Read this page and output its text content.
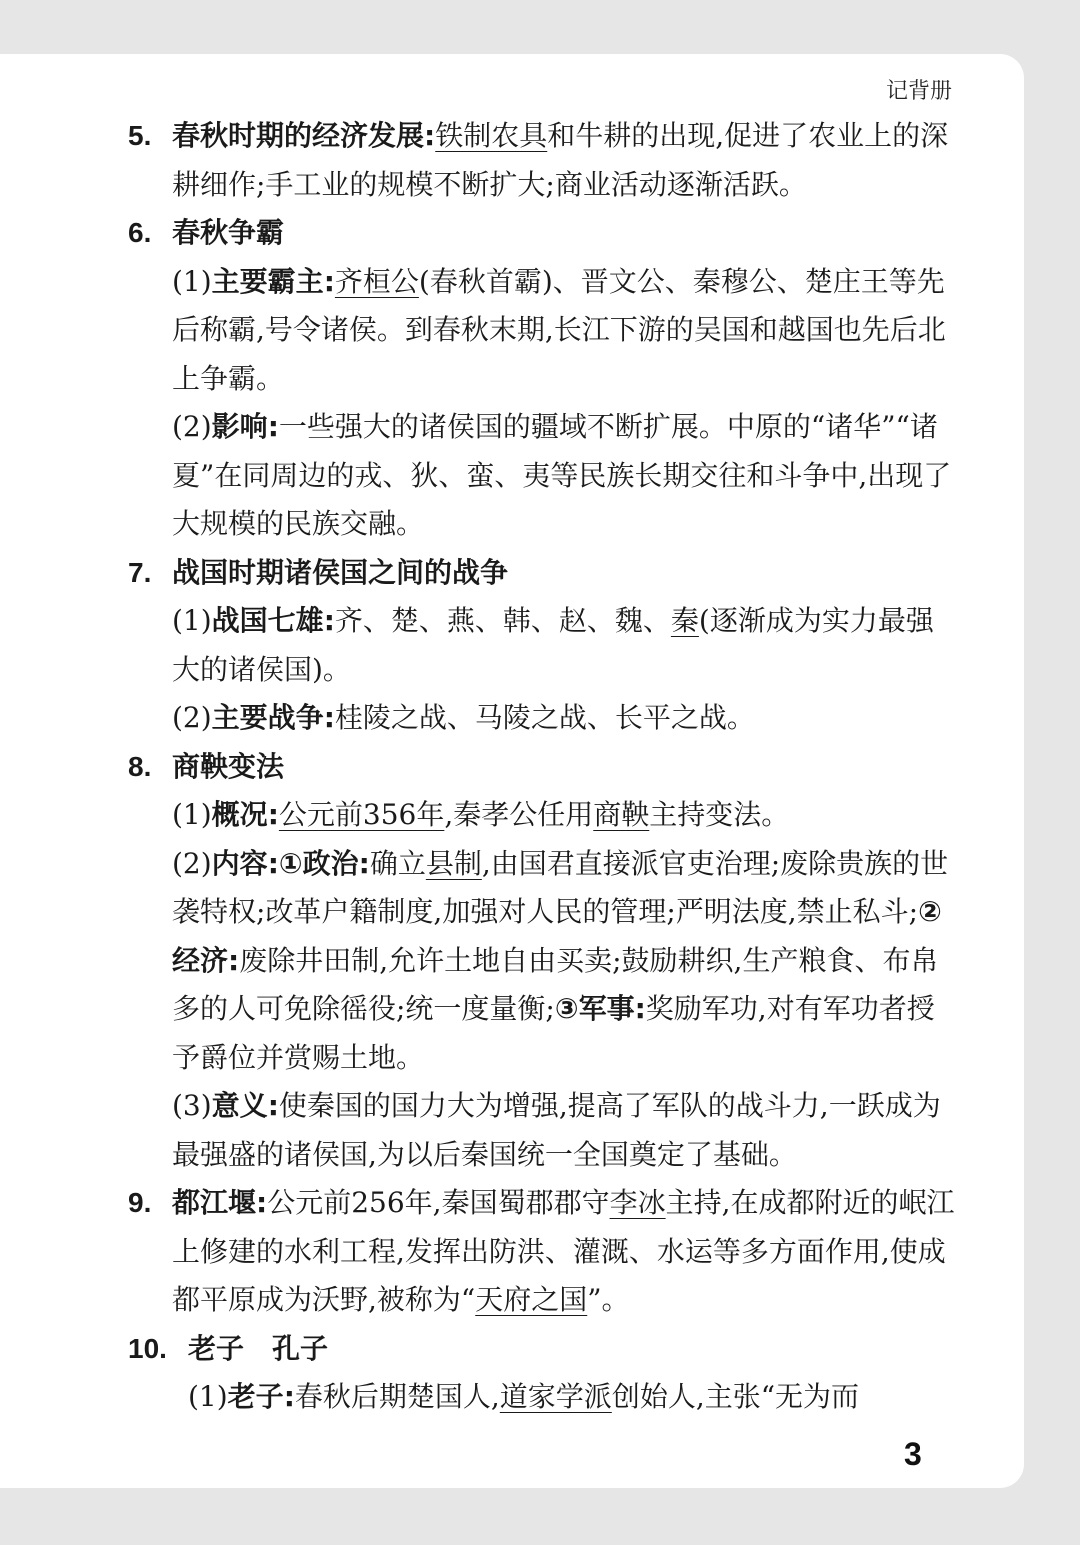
记背册

5. 春秋时期的经济发展:铁制农具和牛耕的出现,促进了农业上的深耕细作;手工业的规模不断扩大;商业活动逐渐活跃。

6. 春秋争霸

(1)主要霸主:齐桓公(春秋首霸)、晋文公、秦穆公、楚庄王等先后称霸,号令诸侯。到春秋末期,长江下游的吴国和越国也先后北上争霸。

(2)影响:一些强大的诸侯国的疆域不断扩展。中原的“诸华”“诸夏”在同周边的戎、狄、蛮、夷等民族长期交往和斗争中,出现了大规模的民族交融。

7. 战国时期诸侯国之间的战争

(1)战国七雄:齐、楚、燕、韩、赵、魏、秦(逐渐成为实力最强大的诸侯国)。

(2)主要战争:桂陵之战、马陵之战、长平之战。

8. 商鞅变法

(1)概况:公元前356年,秦孝公任用商鞅主持变法。

(2)内容:①政治:确立县制,由国君直接派官吏治理;废除贵族的世袭特权;改革户籍制度,加强对人民的管理;严明法度,禁止私斗;②经济:废除井田制,允许土地自由买卖;鼓励耕织,生产粮食、布帛多的人可免除徭役;统一度量衡;③军事:奖励军功,对有军功者授予爵位并赏赐土地。

(3)意义:使秦国的国力大为增强,提高了军队的战斗力,一跃成为最强盛的诸侯国,为以后秦国统一全国奠定了基础。

9. 都江堰:公元前256年,秦国蜀郡郡守李冰主持,在成都附近的岷江上修建的水利工程,发挥出防洪、灌溉、水运等多方面作用,使成都平原成为沃野,被称为“天府之国”。

10. 老子　孔子

(1)老子:春秋后期楚国人,道家学派创始人,主张“无为而

3
